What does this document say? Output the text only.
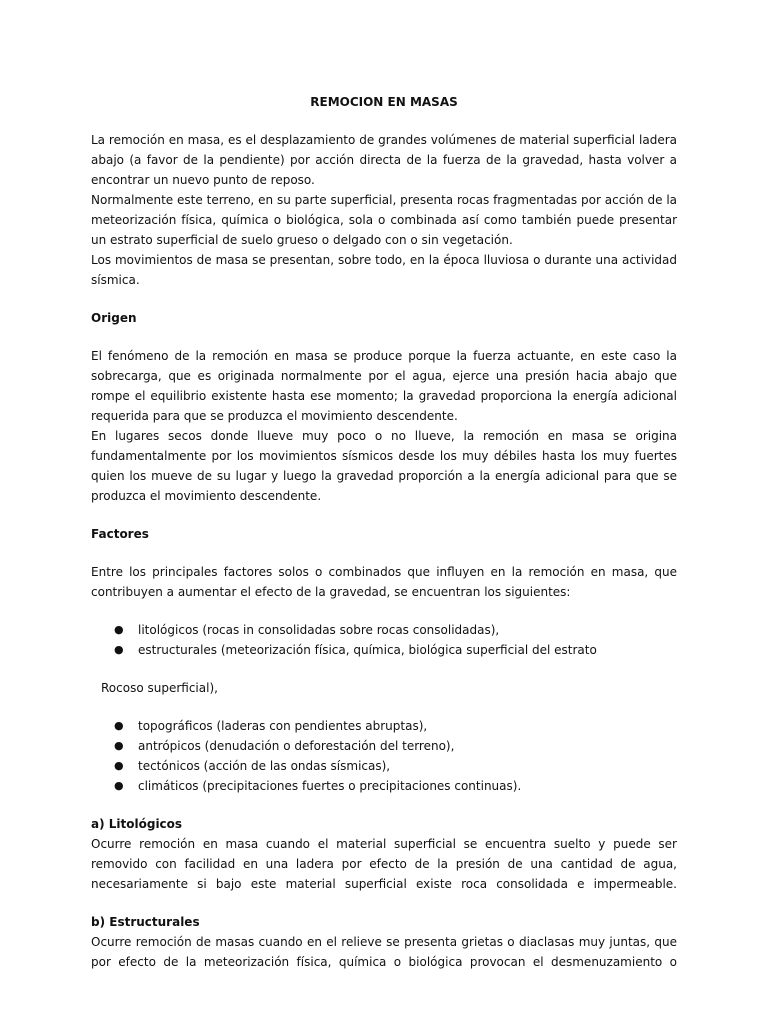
REMOCION EN MASAS

La remoción en masa, es el desplazamiento de grandes volúmenes de material superficial ladera abajo (a favor de la pendiente) por acción directa de la fuerza de la gravedad, hasta volver a encontrar un nuevo punto de reposo.

Normalmente este terreno, en su parte superficial, presenta rocas fragmentadas por acción de la meteorización física, química o biológica, sola o combinada así como también puede presentar un estrato superficial de suelo grueso o delgado con o sin vegetación.

Los movimientos de masa se presentan, sobre todo, en la época lluviosa o durante una actividad sísmica.

Origen

El fenómeno de la remoción en masa se produce porque la fuerza actuante, en este caso la sobrecarga, que es originada normalmente por el agua, ejerce una presión hacia abajo que rompe el equilibrio existente hasta ese momento; la gravedad proporciona la energía adicional requerida para que se produzca el movimiento descendente.

En lugares secos donde llueve muy poco o no llueve, la remoción en masa se origina fundamentalmente por los movimientos sísmicos desde los muy débiles hasta los muy fuertes quien los mueve de su lugar y luego la gravedad proporción a la energía adicional para que se produzca el movimiento descendente.

Factores

Entre los principales factores solos o combinados que influyen en la remoción en masa, que contribuyen a aumentar el efecto de la gravedad, se encuentran los siguientes:

● litológicos (rocas in consolidadas sobre rocas consolidadas),
● estructurales (meteorización física, química, biológica superficial del estrato

Rocoso superficial),

● topográficos (laderas con pendientes abruptas),
● antrópicos (denudación o deforestación del terreno),
● tectónicos (acción de las ondas sísmicas),
● climáticos (precipitaciones fuertes o precipitaciones continuas).

a) Litológicos

Ocurre remoción en masa cuando el material superficial se encuentra suelto y puede ser removido con facilidad en una ladera por efecto de la presión de una cantidad de agua, necesariamente si bajo este material superficial existe roca consolidada e impermeable.

b) Estructurales

Ocurre remoción de masas cuando en el relieve se presenta grietas o diaclasas muy juntas, que por efecto de la meteorización física, química o biológica provocan el desmenuzamiento o
